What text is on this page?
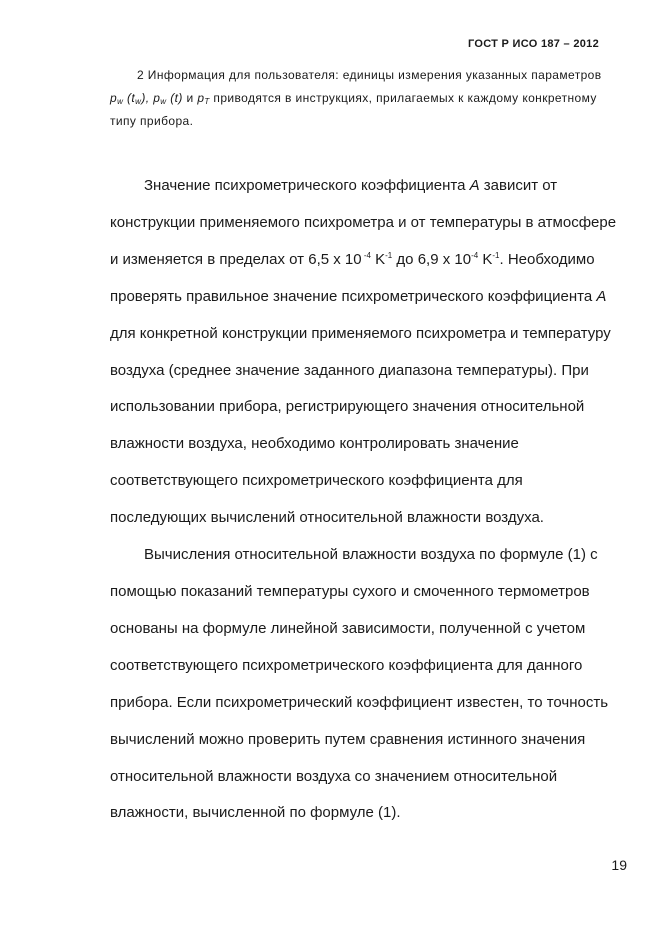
ГОСТ Р ИСО 187 – 2012
2 Информация для пользователя: единицы измерения указанных параметров
$p_w$ $(t_w)$, $p_w$ (t) и $p_T$ приводятся в инструкциях, прилагаемых к каждому конкретному
типу прибора.

Значение психрометрического коэффициента A зависит от конструкции применяемого психрометра и от температуры в атмосфере и изменяется в пределах от 6,5 х 10 $^{-4}$ $K^{-1}$ до 6,9 х $10^{-4}$ $K^{-1}$. Необходимо проверять правильное значение психрометрического коэффициента A для конкретной конструкции применяемого психрометра и температуру воздуха (среднее значение заданного диапазона температуры). При использовании прибора, регистрирующего значения относительной влажности воздуха, необходимо контролировать значение соответствующего психрометрического коэффициента для последующих вычислений относительной влажности воздуха.

Вычисления относительной влажности воздуха по формуле (1) с помощью показаний температуры сухого и смоченного термометров основаны на формуле линейной зависимости, полученной с учетом соответствующего психрометрического коэффициента для данного прибора. Если психрометрический коэффициент известен, то точность вычислений можно проверить путем сравнения истинного значения относительной влажности воздуха со значением относительной влажности, вычисленной по формуле (1).

19
